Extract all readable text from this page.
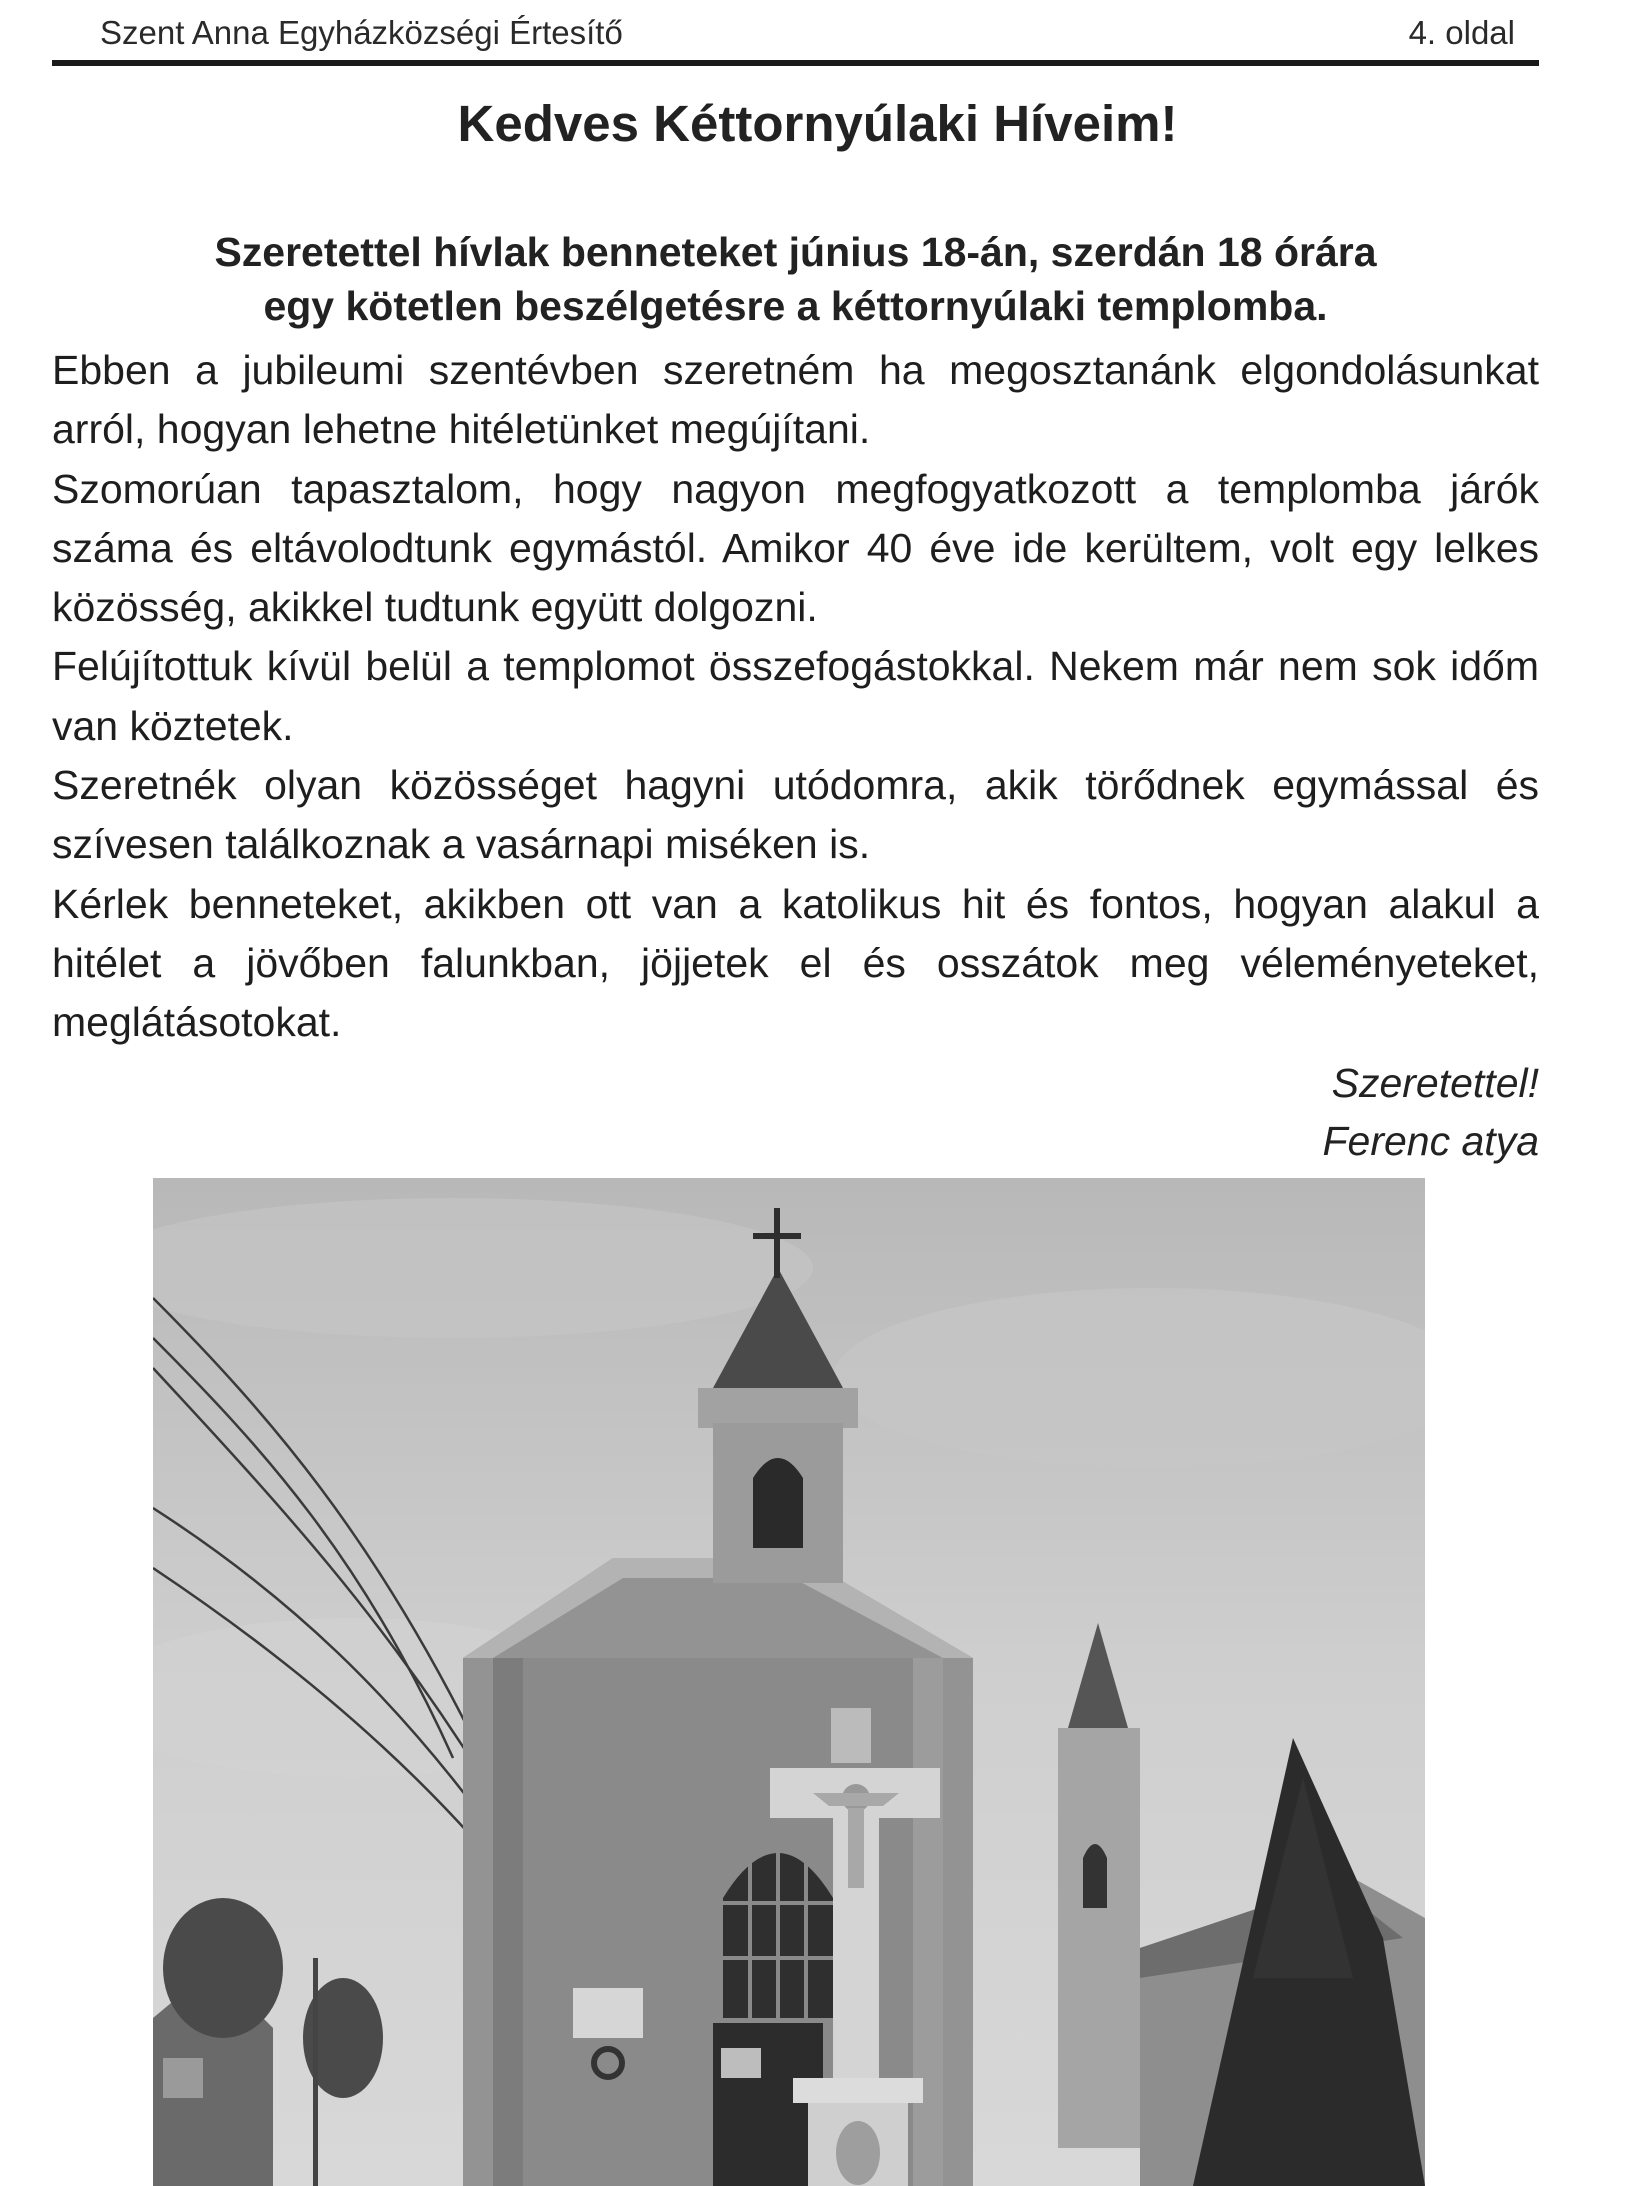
Szent Anna Egyházközségi Értesítő	4. oldal
Kedves Kéttornyúlaki Híveim!
Szeretettel hívlak benneteket június 18-án, szerdán 18 órára
egy kötetlen beszélgetésre a kéttornyúlaki templomba.

Ebben a jubileumi szentévben szeretném ha megosztanánk elgondolásunkat arról, hogyan lehetne hitéletünket megújítani.

Szomorúan tapasztalom, hogy nagyon megfogyatkozott a templomba járók száma és eltávolodtunk egymástól. Amikor 40 éve ide kerültem, volt egy lelkes közösség, akikkel tudtunk együtt dolgozni.

Felújítottuk kívül belül a templomot összefogástokkal. Nekem már nem sok időm van köztetek.

Szeretnék olyan közösséget hagyni utódomra, akik törődnek egymással és szívesen találkoznak a vasárnapi miséken is.

Kérlek benneteket, akikben ott van a katolikus hit és fontos, hogyan alakul a hitélet a jövőben falunkban, jöjjetek el és osszátok meg véleményeteket, meglátásotokat.

Szeretettel!
Ferenc atya
